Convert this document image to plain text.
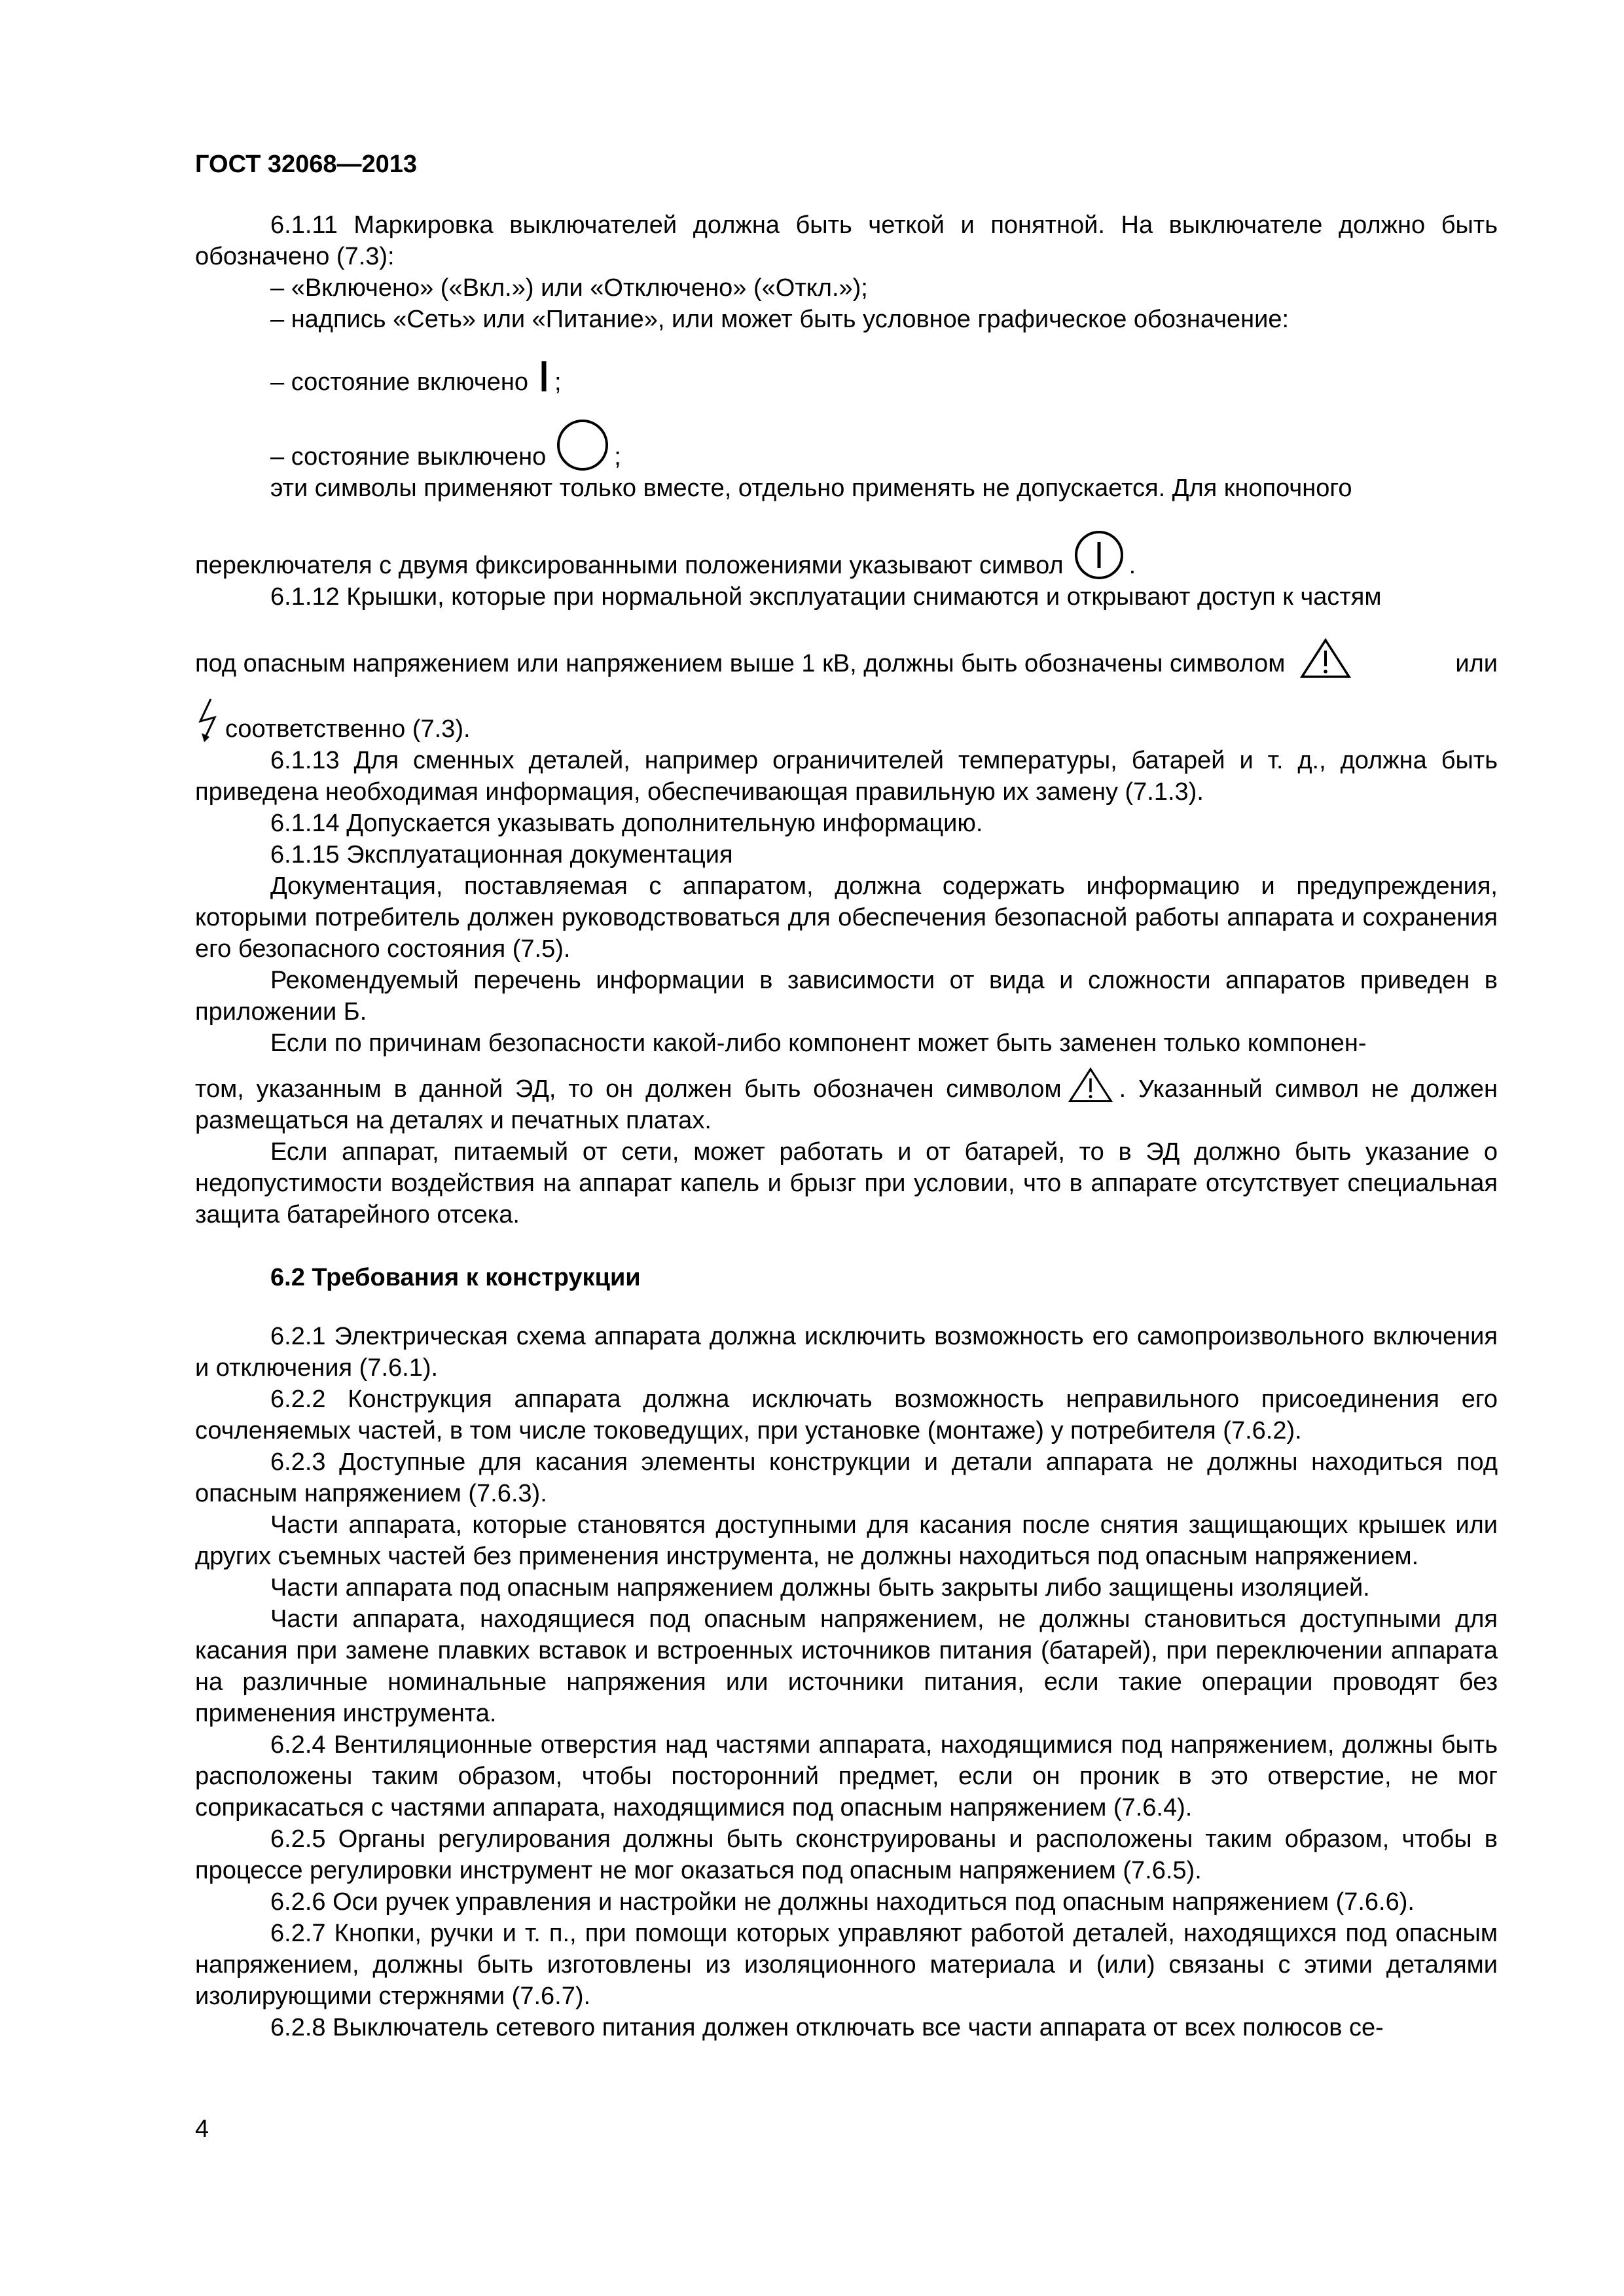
ГОСТ 32068—2013

6.1.11 Маркировка выключателей должна быть четкой и понятной. На выключателе должно быть обозначено (7.3):

– «Включено» («Вкл.») или «Отключено» («Откл.»);

– надпись «Сеть» или «Питание», или может быть условное графическое обозначение:

– состояние включено ;
– состояние выключено	;

эти символы применяют только вместе, отдельно применять не допускается. Для кнопочного

переключателя с двумя фиксированными положениями указывают символ	.

6.1.12 Крышки, которые при нормальной эксплуатации снимаются и открывают доступ к частям

под опасным напряжением или напряжением выше 1 кВ, должны быть обозначены символом	или
соответственно (7.3).

6.1.13 Для сменных деталей, например ограничителей температуры, батарей и т. д., должна быть приведена необходимая информация, обеспечивающая правильную их замену (7.1.3).

6.1.14 Допускается указывать дополнительную информацию.

6.1.15 Эксплуатационная документация

Документация, поставляемая с аппаратом, должна содержать информацию и предупреждения, которыми потребитель должен руководствоваться для обеспечения безопасной работы аппарата и сохранения его безопасного состояния (7.5).

Рекомендуемый перечень информации в зависимости от вида и сложности аппаратов приведен в приложении Б.

Если по причинам безопасности какой-либо компонент может быть заменен только компонен-

том, указанным в данной ЭД, то он должен быть обозначен символом . Указанный символ не должен размещаться на деталях и печатных платах.

Если аппарат, питаемый от сети, может работать и от батарей, то в ЭД должно быть указание о недопустимости воздействия на аппарат капель и брызг при условии, что в аппарате отсутствует специальная защита батарейного отсека.

6.2 Требования к конструкции

6.2.1 Электрическая схема аппарата должна исключить возможность его самопроизвольного включения и отключения (7.6.1).

6.2.2 Конструкция аппарата должна исключать возможность неправильного присоединения его сочленяемых частей, в том числе токоведущих, при установке (монтаже) у потребителя (7.6.2).

6.2.3 Доступные для касания элементы конструкции и детали аппарата не должны находиться под опасным напряжением (7.6.3).

Части аппарата, которые становятся доступными для касания после снятия защищающих крышек или других съемных частей без применения инструмента, не должны находиться под опасным напряжением.

Части аппарата под опасным напряжением должны быть закрыты либо защищены изоляцией.

Части аппарата, находящиеся под опасным напряжением, не должны становиться доступными для касания при замене плавких вставок и встроенных источников питания (батарей), при переключении аппарата на различные номинальные напряжения или источники питания, если такие операции проводят без применения инструмента.

6.2.4 Вентиляционные отверстия над частями аппарата, находящимися под напряжением, должны быть расположены таким образом, чтобы посторонний предмет, если он проник в это отверстие, не мог соприкасаться с частями аппарата, находящимися под опасным напряжением (7.6.4).

6.2.5 Органы регулирования должны быть сконструированы и расположены таким образом, чтобы в процессе регулировки инструмент не мог оказаться под опасным напряжением (7.6.5).

6.2.6 Оси ручек управления и настройки не должны находиться под опасным напряжением (7.6.6).

6.2.7 Кнопки, ручки и т. п., при помощи которых управляют работой деталей, находящихся под опасным напряжением, должны быть изготовлены из изоляционного материала и (или) связаны с этими деталями изолирующими стержнями (7.6.7).

6.2.8 Выключатель сетевого питания должен отключать все части аппарата от всех полюсов се-

4
